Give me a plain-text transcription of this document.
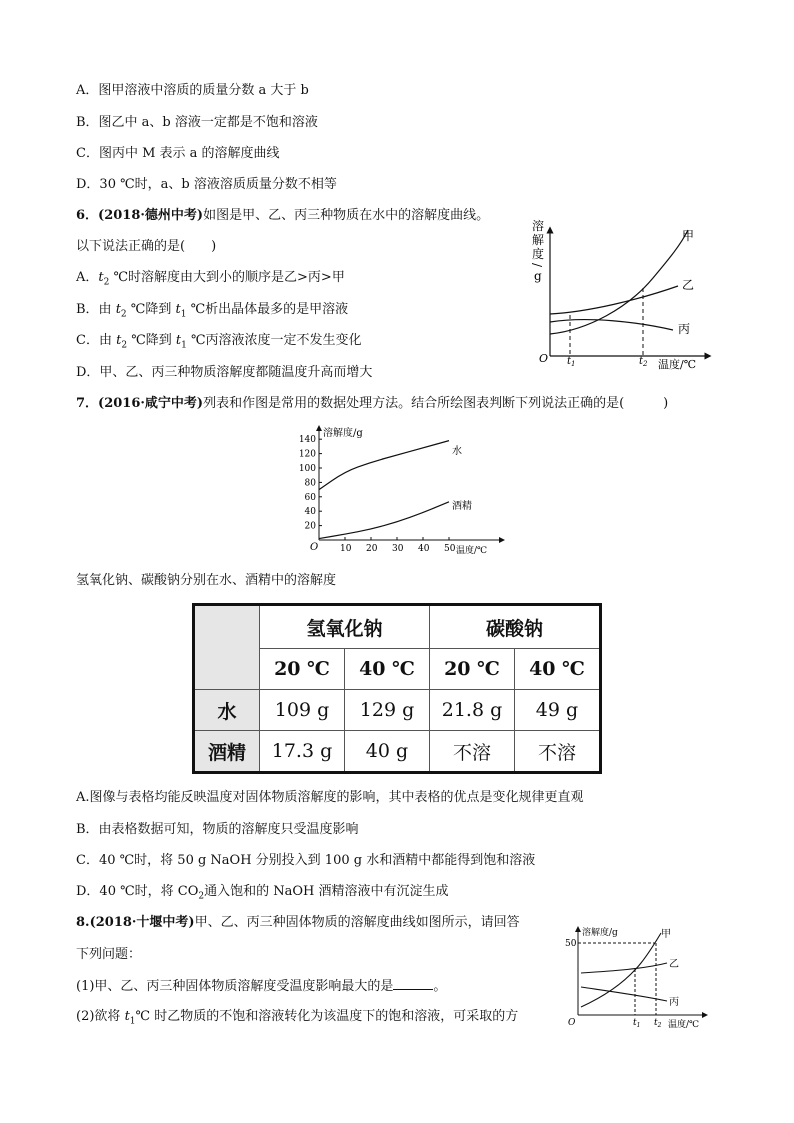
A．图甲溶液中溶质的质量分数 a 大于 b
B．图乙中 a、b 溶液一定都是不饱和溶液
C．图丙中 M 表示 a 的溶解度曲线
D．30 ℃时，a、b 溶液溶质质量分数不相等
6．(2018·德州中考)如图是甲、乙、丙三种物质在水中的溶解度曲线。
以下说法正确的是(　　)
A．$t_2$ ℃时溶解度由大到小的顺序是乙>丙>甲
B．由 $t_2$ ℃降到 $t_1$ ℃析出晶体最多的是甲溶液
C．由 $t_2$ ℃降到 $t_1$ ℃丙溶液浓度一定不发生变化
D．甲、乙、丙三种物质溶解度都随温度升高而增大
溶
解
度
/
g
O $t_1$	$t_2$ 温度/℃
甲
乙
丙
7．(2016·咸宁中考)列表和作图是常用的数据处理方法。结合所绘图表判断下列说法正确的是(　　　)
溶解度/g
温度/℃
O 10 20 30 40 50
20
40
60
80
100
120
140
水
酒精
氢氧化钠、碳酸钠分别在水、酒精中的溶解度
	氢氧化钠		碳酸钠	
	20 ℃	40 ℃	20 ℃	40 ℃
水	109 g	129 g	21.8 g	49 g
酒精	17.3 g	40 g	不溶	不溶
A.图像与表格均能反映温度对固体物质溶解度的影响，其中表格的优点是变化规律更直观
B．由表格数据可知，物质的溶解度只受温度影响
C．40 ℃时，将 50 g NaOH 分别投入到 100 g 水和酒精中都能得到饱和溶液
D．40 ℃时，将 $CO_2$通入饱和的 NaOH 酒精溶液中有沉淀生成
8.(2018·十堰中考)甲、乙、丙三种固体物质的溶解度曲线如图所示，请回答
下列问题：
(1)甲、乙、丙三种固体物质溶解度受温度影响最大的是	。
(2)欲将 $t_1℃$ 时乙物质的不饱和溶液转化为该温度下的饱和溶液，可采取的方
溶解度/g
50
O	$t_1$ $t_2$ 温度/℃
甲
乙
丙
